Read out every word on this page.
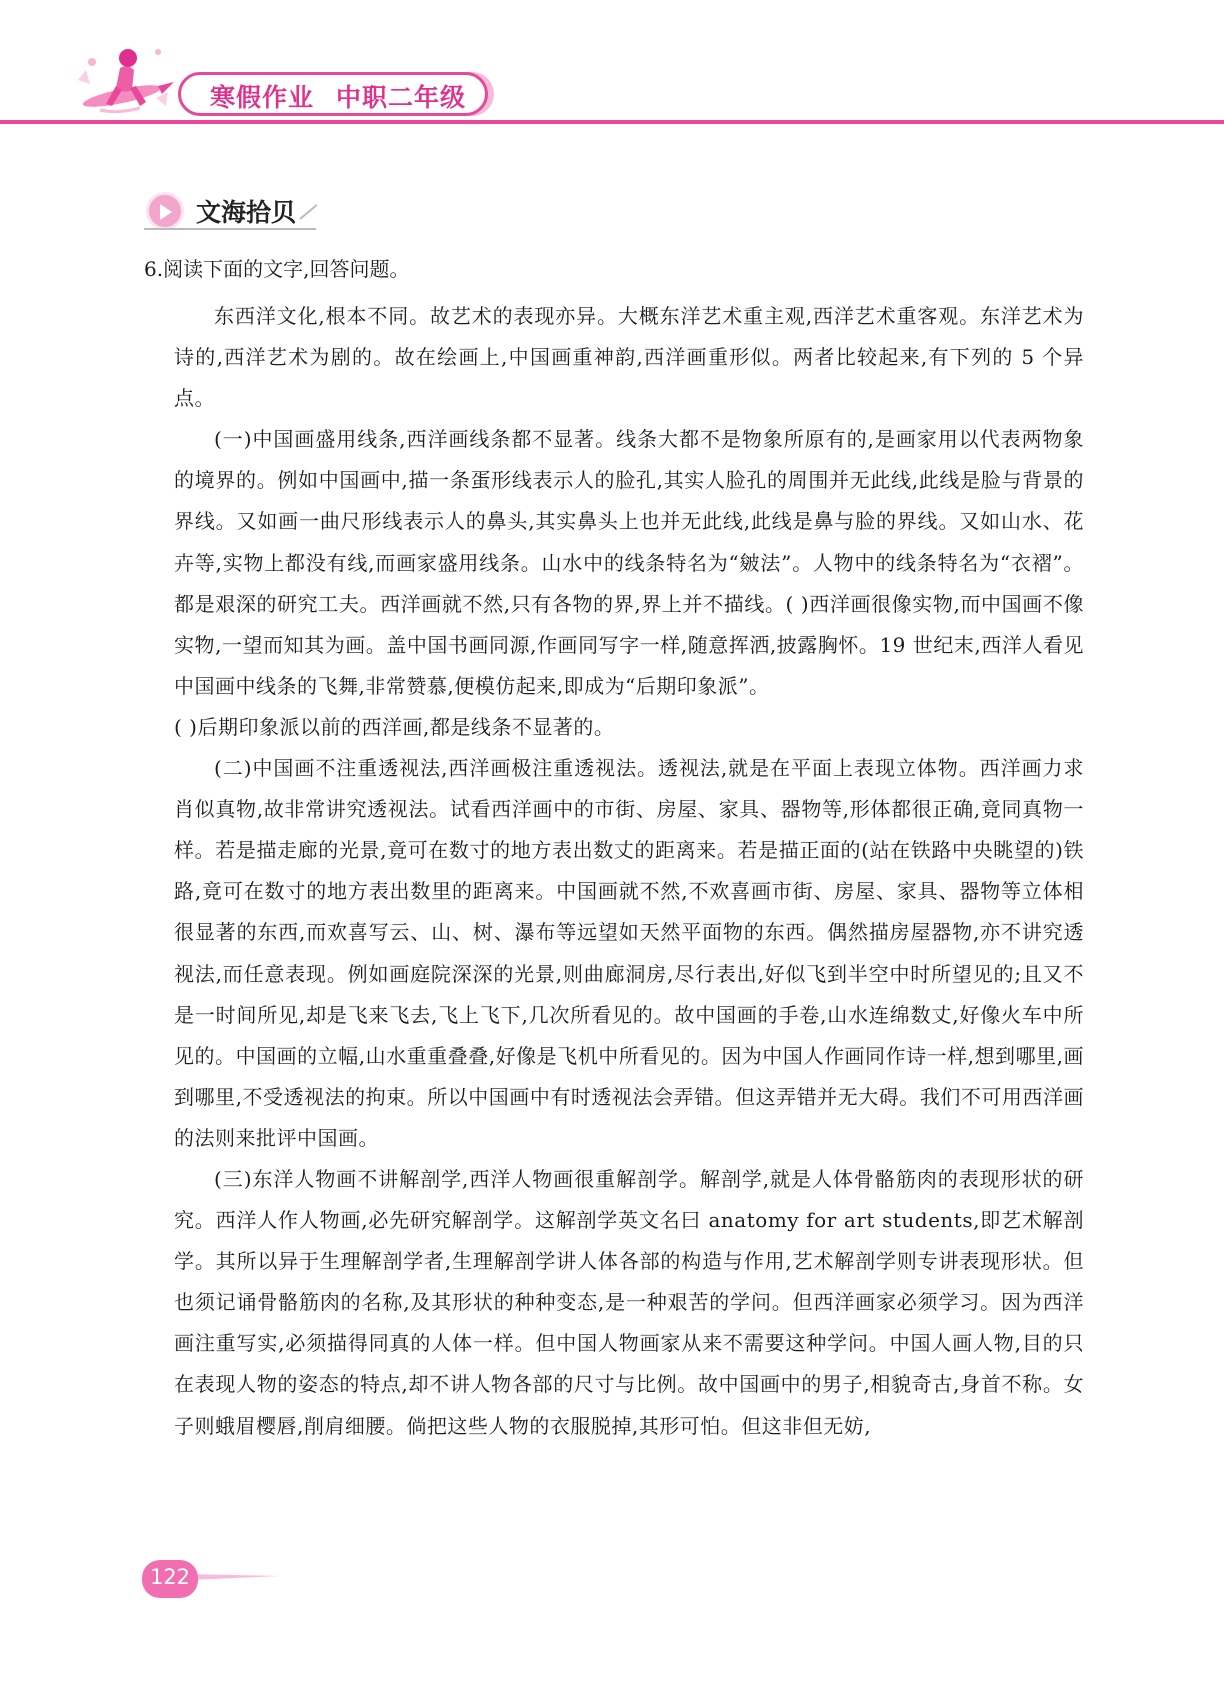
寒假作业 中职二年级
文海拾贝
6.阅读下面的文字,回答问题。

东西洋文化,根本不同。故艺术的表现亦异。大概东洋艺术重主观,西洋艺术重客观。东洋艺术为诗的,西洋艺术为剧的。故在绘画上,中国画重神韵,西洋画重形似。两者比较起来,有下列的 5 个异点。

(一)中国画盛用线条,西洋画线条都不显著。线条大都不是物象所原有的,是画家用以代表两物象的境界的。例如中国画中,描一条蛋形线表示人的脸孔,其实人脸孔的周围并无此线,此线是脸与背景的界线。又如画一曲尺形线表示人的鼻头,其实鼻头上也并无此线,此线是鼻与脸的界线。又如山水、花卉等,实物上都没有线,而画家盛用线条。山水中的线条特名为“皴法”。人物中的线条特名为“衣褶”。都是艰深的研究工夫。西洋画就不然,只有各物的界,界上并不描线。( )西洋画很像实物,而中国画不像实物,一望而知其为画。盖中国书画同源,作画同写字一样,随意挥洒,披露胸怀。19 世纪末,西洋人看见中国画中线条的飞舞,非常赞慕,便模仿起来,即成为“后期印象派”。

( )后期印象派以前的西洋画,都是线条不显著的。

(二)中国画不注重透视法,西洋画极注重透视法。透视法,就是在平面上表现立体物。西洋画力求肖似真物,故非常讲究透视法。试看西洋画中的市街、房屋、家具、器物等,形体都很正确,竟同真物一样。若是描走廊的光景,竟可在数寸的地方表出数丈的距离来。若是描正面的(站在铁路中央眺望的)铁路,竟可在数寸的地方表出数里的距离来。中国画就不然,不欢喜画市街、房屋、家具、器物等立体相很显著的东西,而欢喜写云、山、树、瀑布等远望如天然平面物的东西。偶然描房屋器物,亦不讲究透视法,而任意表现。例如画庭院深深的光景,则曲廊洞房,尽行表出,好似飞到半空中时所望见的;且又不是一时间所见,却是飞来飞去,飞上飞下,几次所看见的。故中国画的手卷,山水连绵数丈,好像火车中所见的。中国画的立幅,山水重重叠叠,好像是飞机中所看见的。因为中国人作画同作诗一样,想到哪里,画到哪里,不受透视法的拘束。所以中国画中有时透视法会弄错。但这弄错并无大碍。我们不可用西洋画的法则来批评中国画。

(三)东洋人物画不讲解剖学,西洋人物画很重解剖学。解剖学,就是人体骨骼筋肉的表现形状的研究。西洋人作人物画,必先研究解剖学。这解剖学英文名曰 anatomy for art students,即艺术解剖学。其所以异于生理解剖学者,生理解剖学讲人体各部的构造与作用,艺术解剖学则专讲表现形状。但也须记诵骨骼筋肉的名称,及其形状的种种变态,是一种艰苦的学问。但西洋画家必须学习。因为西洋画注重写实,必须描得同真的人体一样。但中国人物画家从来不需要这种学问。中国人画人物,目的只在表现人物的姿态的特点,却不讲人物各部的尺寸与比例。故中国画中的男子,相貌奇古,身首不称。女子则蛾眉樱唇,削肩细腰。倘把这些人物的衣服脱掉,其形可怕。但这非但无妨,

122
